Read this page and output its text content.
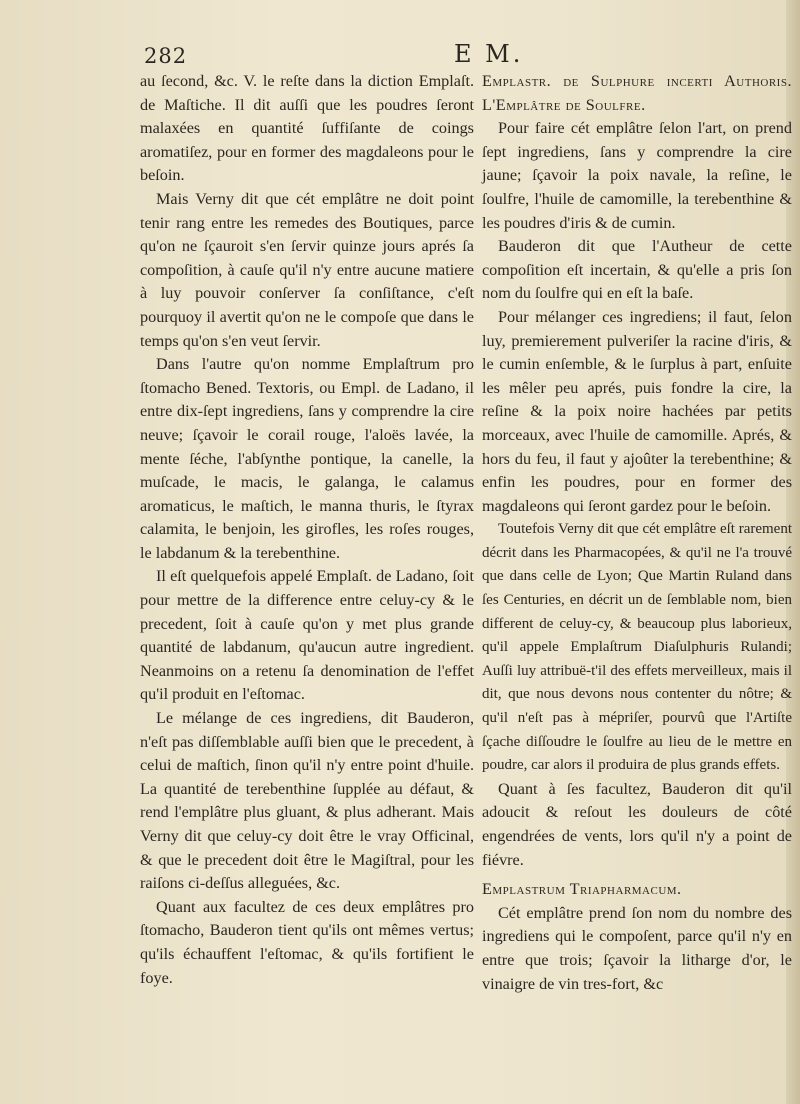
282	E M.

au ſecond, &c. V. le reſte dans la diction Emplaſt. de Maſtiche. Il dit auſſi que les poudres ſeront malaxées en quantité ſuffiſante de coings aromatiſez, pour en former des magdaleons pour le beſoin.

Mais Verny dit que cét emplâtre ne doit point tenir rang entre les remedes des Boutiques, parce qu'on ne ſçauroit s'en ſervir quinze jours aprés ſa compoſition, à cauſe qu'il n'y entre aucune matiere à luy pouvoir conſerver ſa conſiſtance, c'eſt pourquoy il avertit qu'on ne le compoſe que dans le temps qu'on s'en veut ſervir.

Dans l'autre qu'on nomme Emplaſtrum pro ſtomacho Bened. Textoris, ou Empl. de Ladano, il entre dix-ſept ingrediens, ſans y comprendre la cire neuve; ſçavoir le corail rouge, l'aloës lavée, la mente ſéche, l'abſynthe pontique, la canelle, la muſcade, le macis, le galanga, le calamus aromaticus, le maſtich, le manna thuris, le ſtyrax calamita, le benjoin, les girofles, les roſes rouges, le labdanum & la terebenthine.

Il eſt quelquefois appelé Emplaſt. de Ladano, ſoit pour mettre de la difference entre celuy-cy & le precedent, ſoit à cauſe qu'on y met plus grande quantité de labdanum, qu'aucun autre ingredient. Neanmoins on a retenu ſa denomination de l'effet qu'il produit en l'eſtomac.

Le mélange de ces ingrediens, dit Bauderon, n'eſt pas diſſemblable auſſi bien que le precedent, à celui de maſtich, ſinon qu'il n'y entre point d'huile. La quantité de terebenthine ſupplée au défaut, & rend l'emplâtre plus gluant, & plus adherant. Mais Verny dit que celuy-cy doit être le vray Officinal, & que le precedent doit être le Magiſtral, pour les raiſons ci-deſſus alleguées, &c.

Quant aux facultez de ces deux emplâtres pro ſtomacho, Bauderon tient qu'ils ont mêmes vertus; qu'ils échauffent l'eſtomac, & qu'ils fortifient le foye.

Emplastr. de Sulphure incerti Authoris. L'Emplâtre de Soulfre.

Pour faire cét emplâtre ſelon l'art, on prend ſept ingrediens, ſans y comprendre la cire jaune; ſçavoir la poix navale, la reſine, le ſoulfre, l'huile de camomille, la terebenthine & les poudres d'iris & de cumin.

Bauderon dit que l'Autheur de cette compoſition eſt incertain, & qu'elle a pris ſon nom du ſoulfre qui en eſt la baſe.

Pour mélanger ces ingrediens; il faut, ſelon luy, premierement pulveriſer la racine d'iris, & le cumin enſemble, & le ſurplus à part, enſuite les mêler peu aprés, puis fondre la cire, la reſine & la poix noire hachées par petits morceaux, avec l'huile de camomille. Aprés, & hors du feu, il faut y ajoûter la terebenthine; & enfin les poudres, pour en former des magdaleons qui ſeront gardez pour le beſoin.

Toutefois Verny dit que cét emplâtre eſt rarement décrit dans les Pharmacopées, & qu'il ne l'a trouvé que dans celle de Lyon; Que Martin Ruland dans ſes Centuries, en décrit un de ſemblable nom, bien different de celuy-cy, & beaucoup plus laborieux, qu'il appele Emplaſtrum Diaſulphuris Rulandi; Auſſi luy attribuë-t'il des effets merveilleux, mais il dit, que nous devons nous contenter du nôtre; & qu'il n'eſt pas à mépriſer, pourvû que l'Artiſte ſçache diſſoudre le ſoulfre au lieu de le mettre en poudre, car alors il produira de plus grands effets.

Quant à ſes facultez, Bauderon dit qu'il adoucit & reſout les douleurs de côté engendrées de vents, lors qu'il n'y a point de fiévre.

Emplastrum Triapharmacum.

Cét emplâtre prend ſon nom du nombre des ingrediens qui le compoſent, parce qu'il n'y en entre que trois; ſçavoir la litharge d'or, le vinaigre de vin tres-fort, &c
